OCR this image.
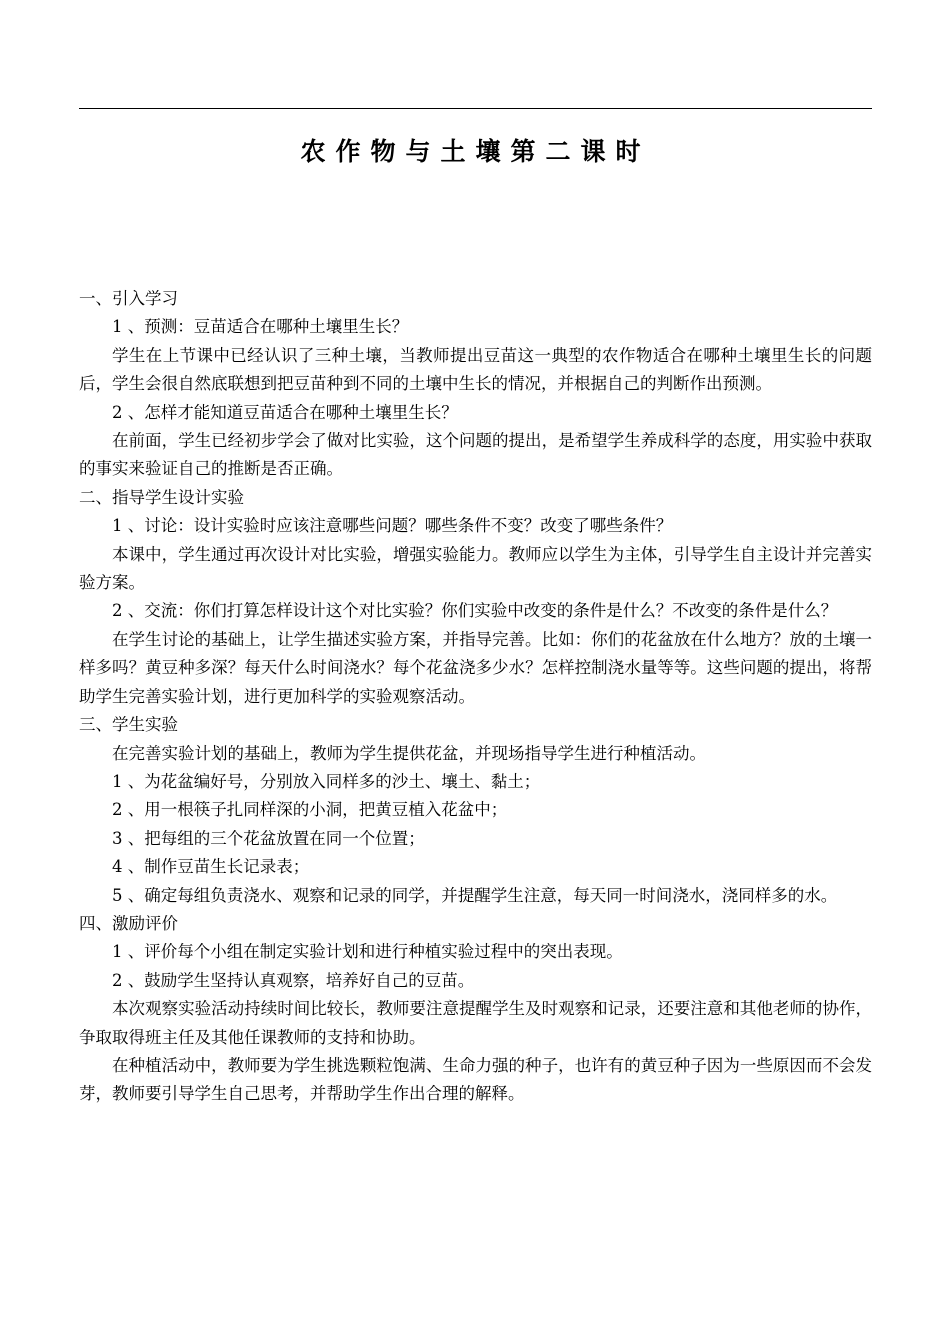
农作物与土壤第二课时

一、引入学习

1 、预测：豆苗适合在哪种土壤里生长？

学生在上节课中已经认识了三种土壤，当教师提出豆苗这一典型的农作物适合在哪种土壤里生长的问题后，学生会很自然底联想到把豆苗种到不同的土壤中生长的情况，并根据自己的判断作出预测。

2 、怎样才能知道豆苗适合在哪种土壤里生长？

在前面，学生已经初步学会了做对比实验，这个问题的提出，是希望学生养成科学的态度，用实验中获取的事实来验证自己的推断是否正确。

二、指导学生设计实验

1 、讨论：设计实验时应该注意哪些问题？哪些条件不变？改变了哪些条件？

本课中，学生通过再次设计对比实验，增强实验能力。教师应以学生为主体，引导学生自主设计并完善实验方案。

2 、交流：你们打算怎样设计这个对比实验？你们实验中改变的条件是什么？不改变的条件是什么？

在学生讨论的基础上，让学生描述实验方案，并指导完善。比如：你们的花盆放在什么地方？放的土壤一样多吗？黄豆种多深？每天什么时间浇水？每个花盆浇多少水？怎样控制浇水量等等。这些问题的提出，将帮助学生完善实验计划，进行更加科学的实验观察活动。

三、学生实验

在完善实验计划的基础上，教师为学生提供花盆，并现场指导学生进行种植活动。

1 、为花盆编好号，分别放入同样多的沙土、壤土、黏土；

2 、用一根筷子扎同样深的小洞，把黄豆植入花盆中；

3 、把每组的三个花盆放置在同一个位置；

4 、制作豆苗生长记录表；

5 、确定每组负责浇水、观察和记录的同学，并提醒学生注意，每天同一时间浇水，浇同样多的水。

四、激励评价

1 、评价每个小组在制定实验计划和进行种植实验过程中的突出表现。

2 、鼓励学生坚持认真观察，培养好自己的豆苗。

本次观察实验活动持续时间比较长，教师要注意提醒学生及时观察和记录，还要注意和其他老师的协作，争取取得班主任及其他任课教师的支持和协助。

在种植活动中，教师要为学生挑选颗粒饱满、生命力强的种子，也许有的黄豆种子因为一些原因而不会发芽，教师要引导学生自己思考，并帮助学生作出合理的解释。
